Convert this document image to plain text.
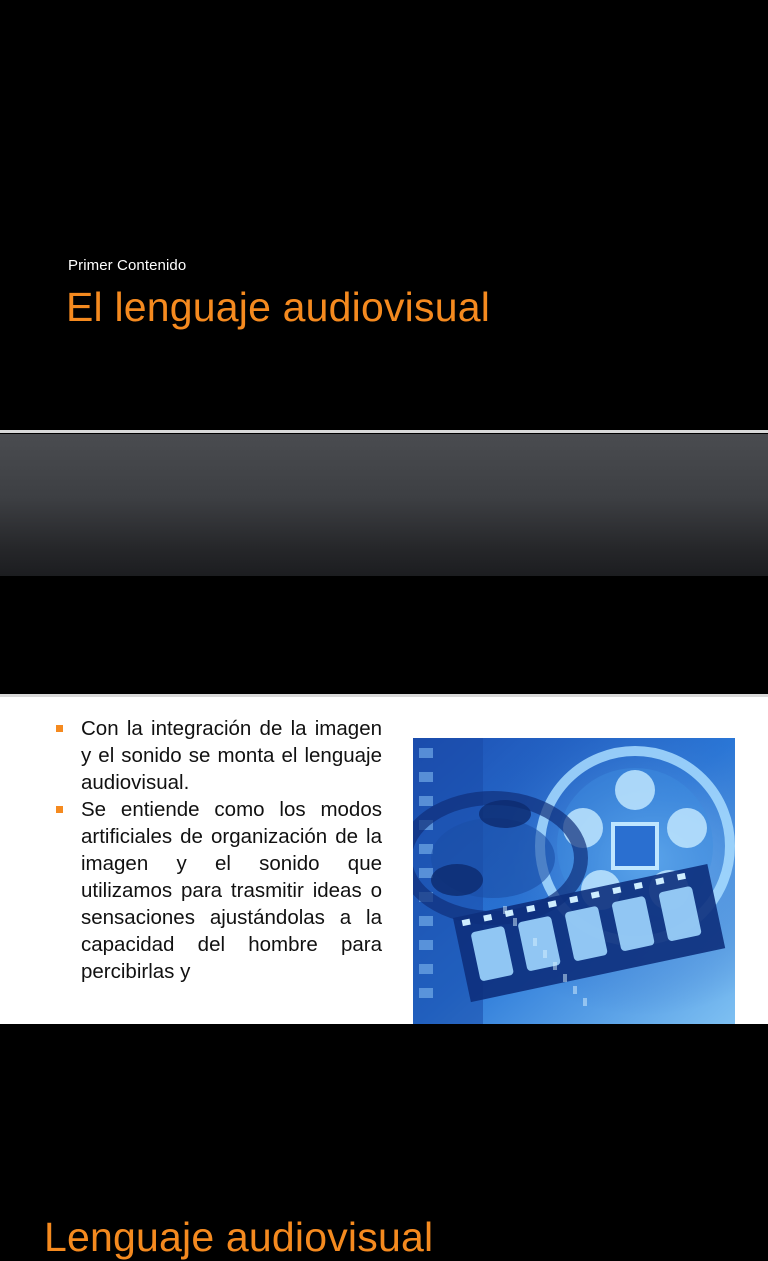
Primer Contenido
El lenguaje audiovisual
Lenguaje audiovisual
Con la integración de la imagen y el sonido se monta el lenguaje audiovisual.
Se entiende como los modos artificiales de organización de la imagen y el sonido que utilizamos para trasmitir ideas o sensaciones ajustándolas a la capacidad del hombre para percibirlas y
